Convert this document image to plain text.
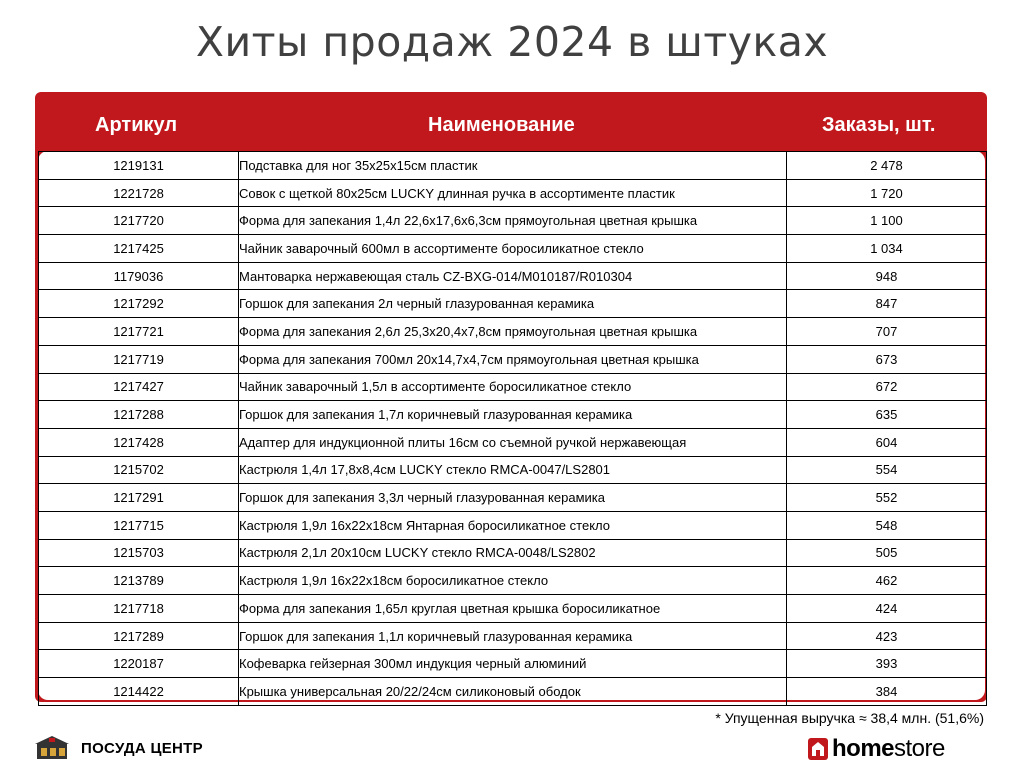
Хиты продаж 2024 в штуках
Артикул	Наименование	Заказы, шт.
1219131	Подставка для ног 35х25х15см пластик	2 478
1221728	Совок с щеткой 80х25см LUCKY длинная ручка в ассортименте пластик	1 720
1217720	Форма для запекания 1,4л 22,6х17,6х6,3см прямоугольная цветная крышка	1 100
1217425	Чайник заварочный 600мл в ассортименте боросиликатное стекло	1 034
1179036	Мантоварка нержавеющая сталь CZ-BXG-014/M010187/R010304	948
1217292	Горшок для запекания 2л черный глазурованная керамика	847
1217721	Форма для запекания 2,6л 25,3х20,4х7,8см прямоугольная цветная крышка	707
1217719	Форма для запекания 700мл 20х14,7х4,7см прямоугольная цветная крышка	673
1217427	Чайник заварочный 1,5л в ассортименте боросиликатное стекло	672
1217288	Горшок для запекания 1,7л коричневый глазурованная керамика	635
1217428	Адаптер для индукционной плиты 16см со съемной ручкой нержавеющая	604
1215702	Кастрюля 1,4л 17,8х8,4см LUCKY стекло RMCA-0047/LS2801	554
1217291	Горшок для запекания 3,3л черный глазурованная керамика	552
1217715	Кастрюля 1,9л 16х22х18см Янтарная боросиликатное стекло	548
1215703	Кастрюля 2,1л 20х10см LUCKY стекло RMCA-0048/LS2802	505
1213789	Кастрюля 1,9л 16х22х18см боросиликатное стекло	462
1217718	Форма для запекания 1,65л круглая цветная крышка боросиликатное	424
1217289	Горшок для запекания 1,1л коричневый глазурованная керамика	423
1220187	Кофеварка гейзерная 300мл индукция черный алюминий	393
1214422	Крышка универсальная 20/22/24см силиконовый ободок	384
* Упущенная выручка ≈ 38,4 млн. (51,6%)
ПОСУДА ЦЕНТР	homestore
